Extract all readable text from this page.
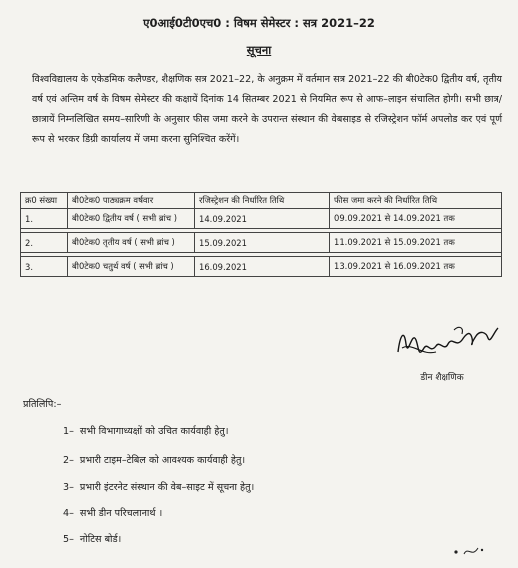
ए0आई0टी0एच0 : विषम सेमेस्टर : सत्र 2021–22
सूचना
विश्वविद्यालय के एकेडमिक कलैण्डर, शैक्षणिक सत्र 2021–22, के अनुक्रम में वर्तमान सत्र 2021–22 की बी0टेक0 द्वितीय वर्ष, तृतीय वर्ष एवं अन्तिम वर्ष के विषम सेमेस्टर की कक्षायें दिनांक 14 सितम्बर 2021 से नियमित रूप से आफ–लाइन संचालित होगी। सभी छात्र/छात्रायें निम्नलिखित समय–सारिणी के अनुसार फीस जमा करने के उपरान्त संस्थान की वेबसाइड से रजिस्ट्रेशन फॉर्म अपलोड कर एवं पूर्ण रूप से भरकर डिग्री कार्यालय में जमा करना सुनिश्चित करेंगें।
क्र0 संख्या	बी0टेक0 पाठ्यक्रम वर्षवार	रजिस्ट्रेशन की निर्धारित तिथि	फीस जमा करने की निर्धारित तिथि
1.	बी0टेक0 द्वितीय वर्ष ( सभी ब्रांच )	14.09.2021	09.09.2021 से 14.09.2021 तक

2.	बी0टेक0 तृतीय वर्ष ( सभी ब्रांच )	15.09.2021	11.09.2021 से 15.09.2021 तक

3.	बी0टेक0 चतुर्थ वर्ष ( सभी ब्रांच )	16.09.2021	13.09.2021 से 16.09.2021 तक
डीन शैक्षणिक
प्रतिलिपि:–
1– सभी विभागाध्यक्षों को उचित कार्यवाही हेतु।
2– प्रभारी टाइम–टेबिल को आवश्यक कार्यवाही हेतु।
3– प्रभारी इंटरनेट संस्थान की वेब–साइट में सूचना हेतु।
4– सभी डीन परिचलानार्थ ।
5– नोटिस बोर्ड।
